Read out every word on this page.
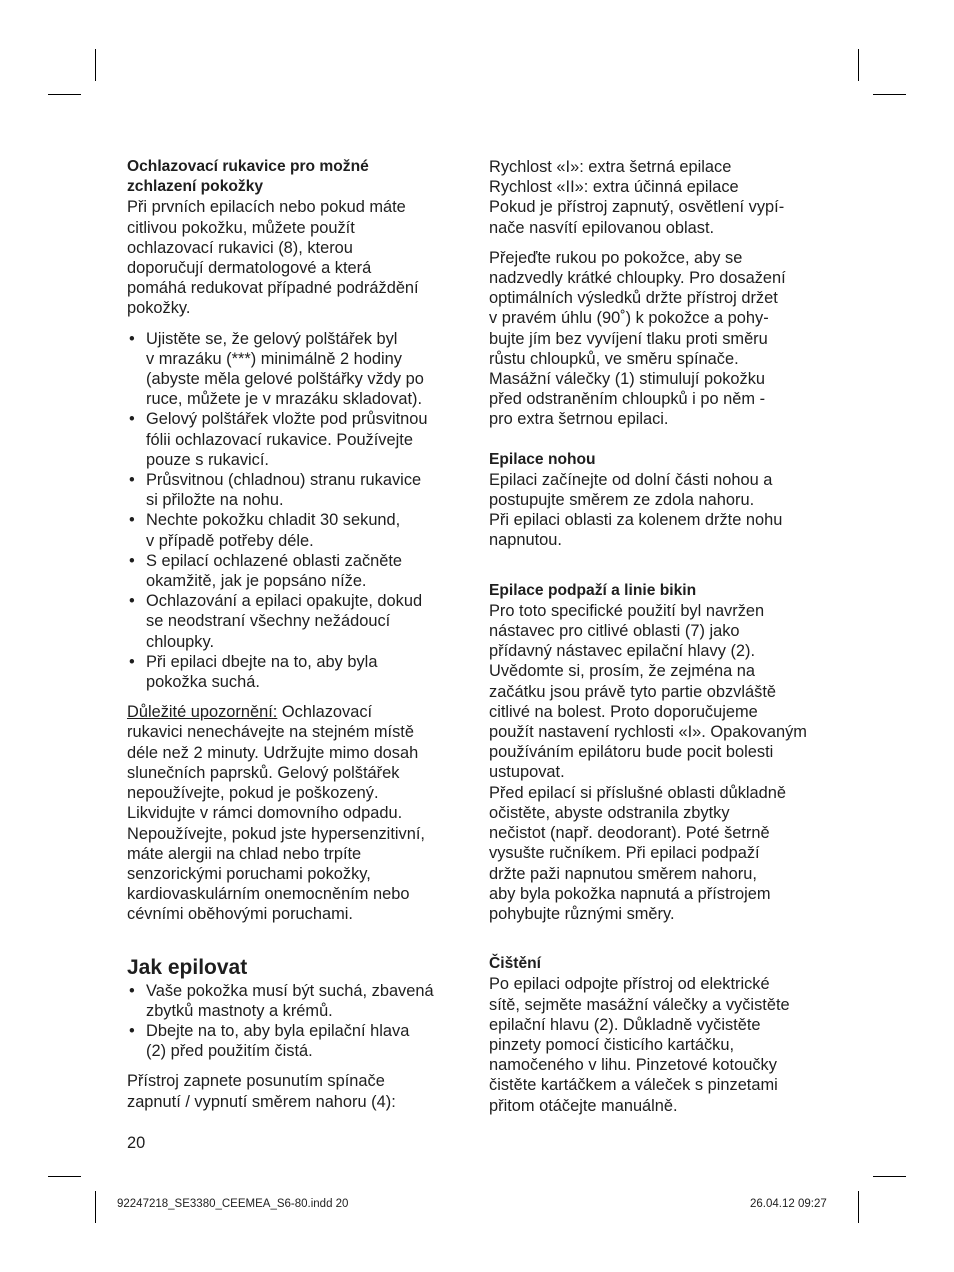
Ochlazovací rukavice pro možné
zchlazení pokožky

Při prvních epilacích nebo pokud máte
citlivou pokožku, můžete použít
ochlazovací rukavici (8), kterou
doporučují dermatologové a která
pomáhá redukovat případné podráždění
pokožky.

• Ujistěte se, že gelový polštářek byl
v mrazáku (***) minimálně 2 hodiny
(abyste měla gelové polštářky vždy po
ruce, můžete je v mrazáku skladovat).
• Gelový polštářek vložte pod průsvitnou
fólii ochlazovací rukavice. Používejte
pouze s rukavicí.
• Průsvitnou (chladnou) stranu rukavice
si přiložte na nohu.
• Nechte pokožku chladit 30 sekund,
v případě potřeby déle.
• S epilací ochlazené oblasti začněte
okamžitě, jak je popsáno níže.
• Ochlazování a epilaci opakujte, dokud
se neodstraní všechny nežádoucí
chloupky.
• Při epilaci dbejte na to, aby byla
pokožka suchá.

Důležité upozornění: Ochlazovací
rukavici nenechávejte na stejném místě
déle než 2 minuty. Udržujte mimo dosah
slunečních paprsků. Gelový polštářek
nepoužívejte, pokud je poškozený.
Likvidujte v rámci domovního odpadu.
Nepoužívejte, pokud jste hypersenzitivní,
máte alergii na chlad nebo trpíte
senzorickými poruchami pokožky,
kardiovaskulárním onemocněním nebo
cévními oběhovými poruchami.

Jak epilovat

• Vaše pokožka musí být suchá, zbavená
zbytků mastnoty a krémů.
• Dbejte na to, aby byla epilační hlava
(2) před použitím čistá.

Přístroj zapnete posunutím spínače
zapnutí / vypnutí směrem nahoru (4):

Rychlost «I»: extra šetrná epilace
Rychlost «II»: extra účinná epilace
Pokud je přístroj zapnutý, osvětlení vypí-
nače nasvítí epilovanou oblast.

Přejeďte rukou po pokožce, aby se
nadzvedly krátké chloupky. Pro dosažení
optimálních výsledků držte přístroj držet
v pravém úhlu (90˚) k pokožce a pohy-
bujte jím bez vyvíjení tlaku proti směru
růstu chloupků, ve směru spínače.
Masážní válečky (1) stimulují pokožku
před odstraněním chloupků i po něm -
pro extra šetrnou epilaci.

Epilace nohou

Epilaci začínejte od dolní části nohou a
postupujte směrem ze zdola nahoru.
Při epilaci oblasti za kolenem držte nohu
napnutou.

Epilace podpaží a linie bikin

Pro toto specifické použití byl navržen
nástavec pro citlivé oblasti (7) jako
přídavný nástavec epilační hlavy (2).
Uvědomte si, prosím, že zejména na
začátku jsou právě tyto partie obzvláště
citlivé na bolest. Proto doporučujeme
použít nastavení rychlosti «I». Opakovaným
používáním epilátoru bude pocit bolesti
ustupovat.
Před epilací si příslušné oblasti důkladně
očistěte, abyste odstranila zbytky
nečistot (např. deodorant). Poté šetrně
vysušte ručníkem. Při epilaci podpaží
držte paži napnutou směrem nahoru,
aby byla pokožka napnutá a přístrojem
pohybujte různými směry.

Čištění

Po epilaci odpojte přístroj od elektrické
sítě, sejměte masážní válečky a vyčistěte
epilační hlavu (2). Důkladně vyčistěte
pinzety pomocí čisticího kartáčku,
namočeného v lihu. Pinzetové kotoučky
čistěte kartáčkem a váleček s pinzetami
přitom otáčejte manuálně.

20
92247218_SE3380_CEEMEA_S6-80.indd 20	26.04.12 09:27
